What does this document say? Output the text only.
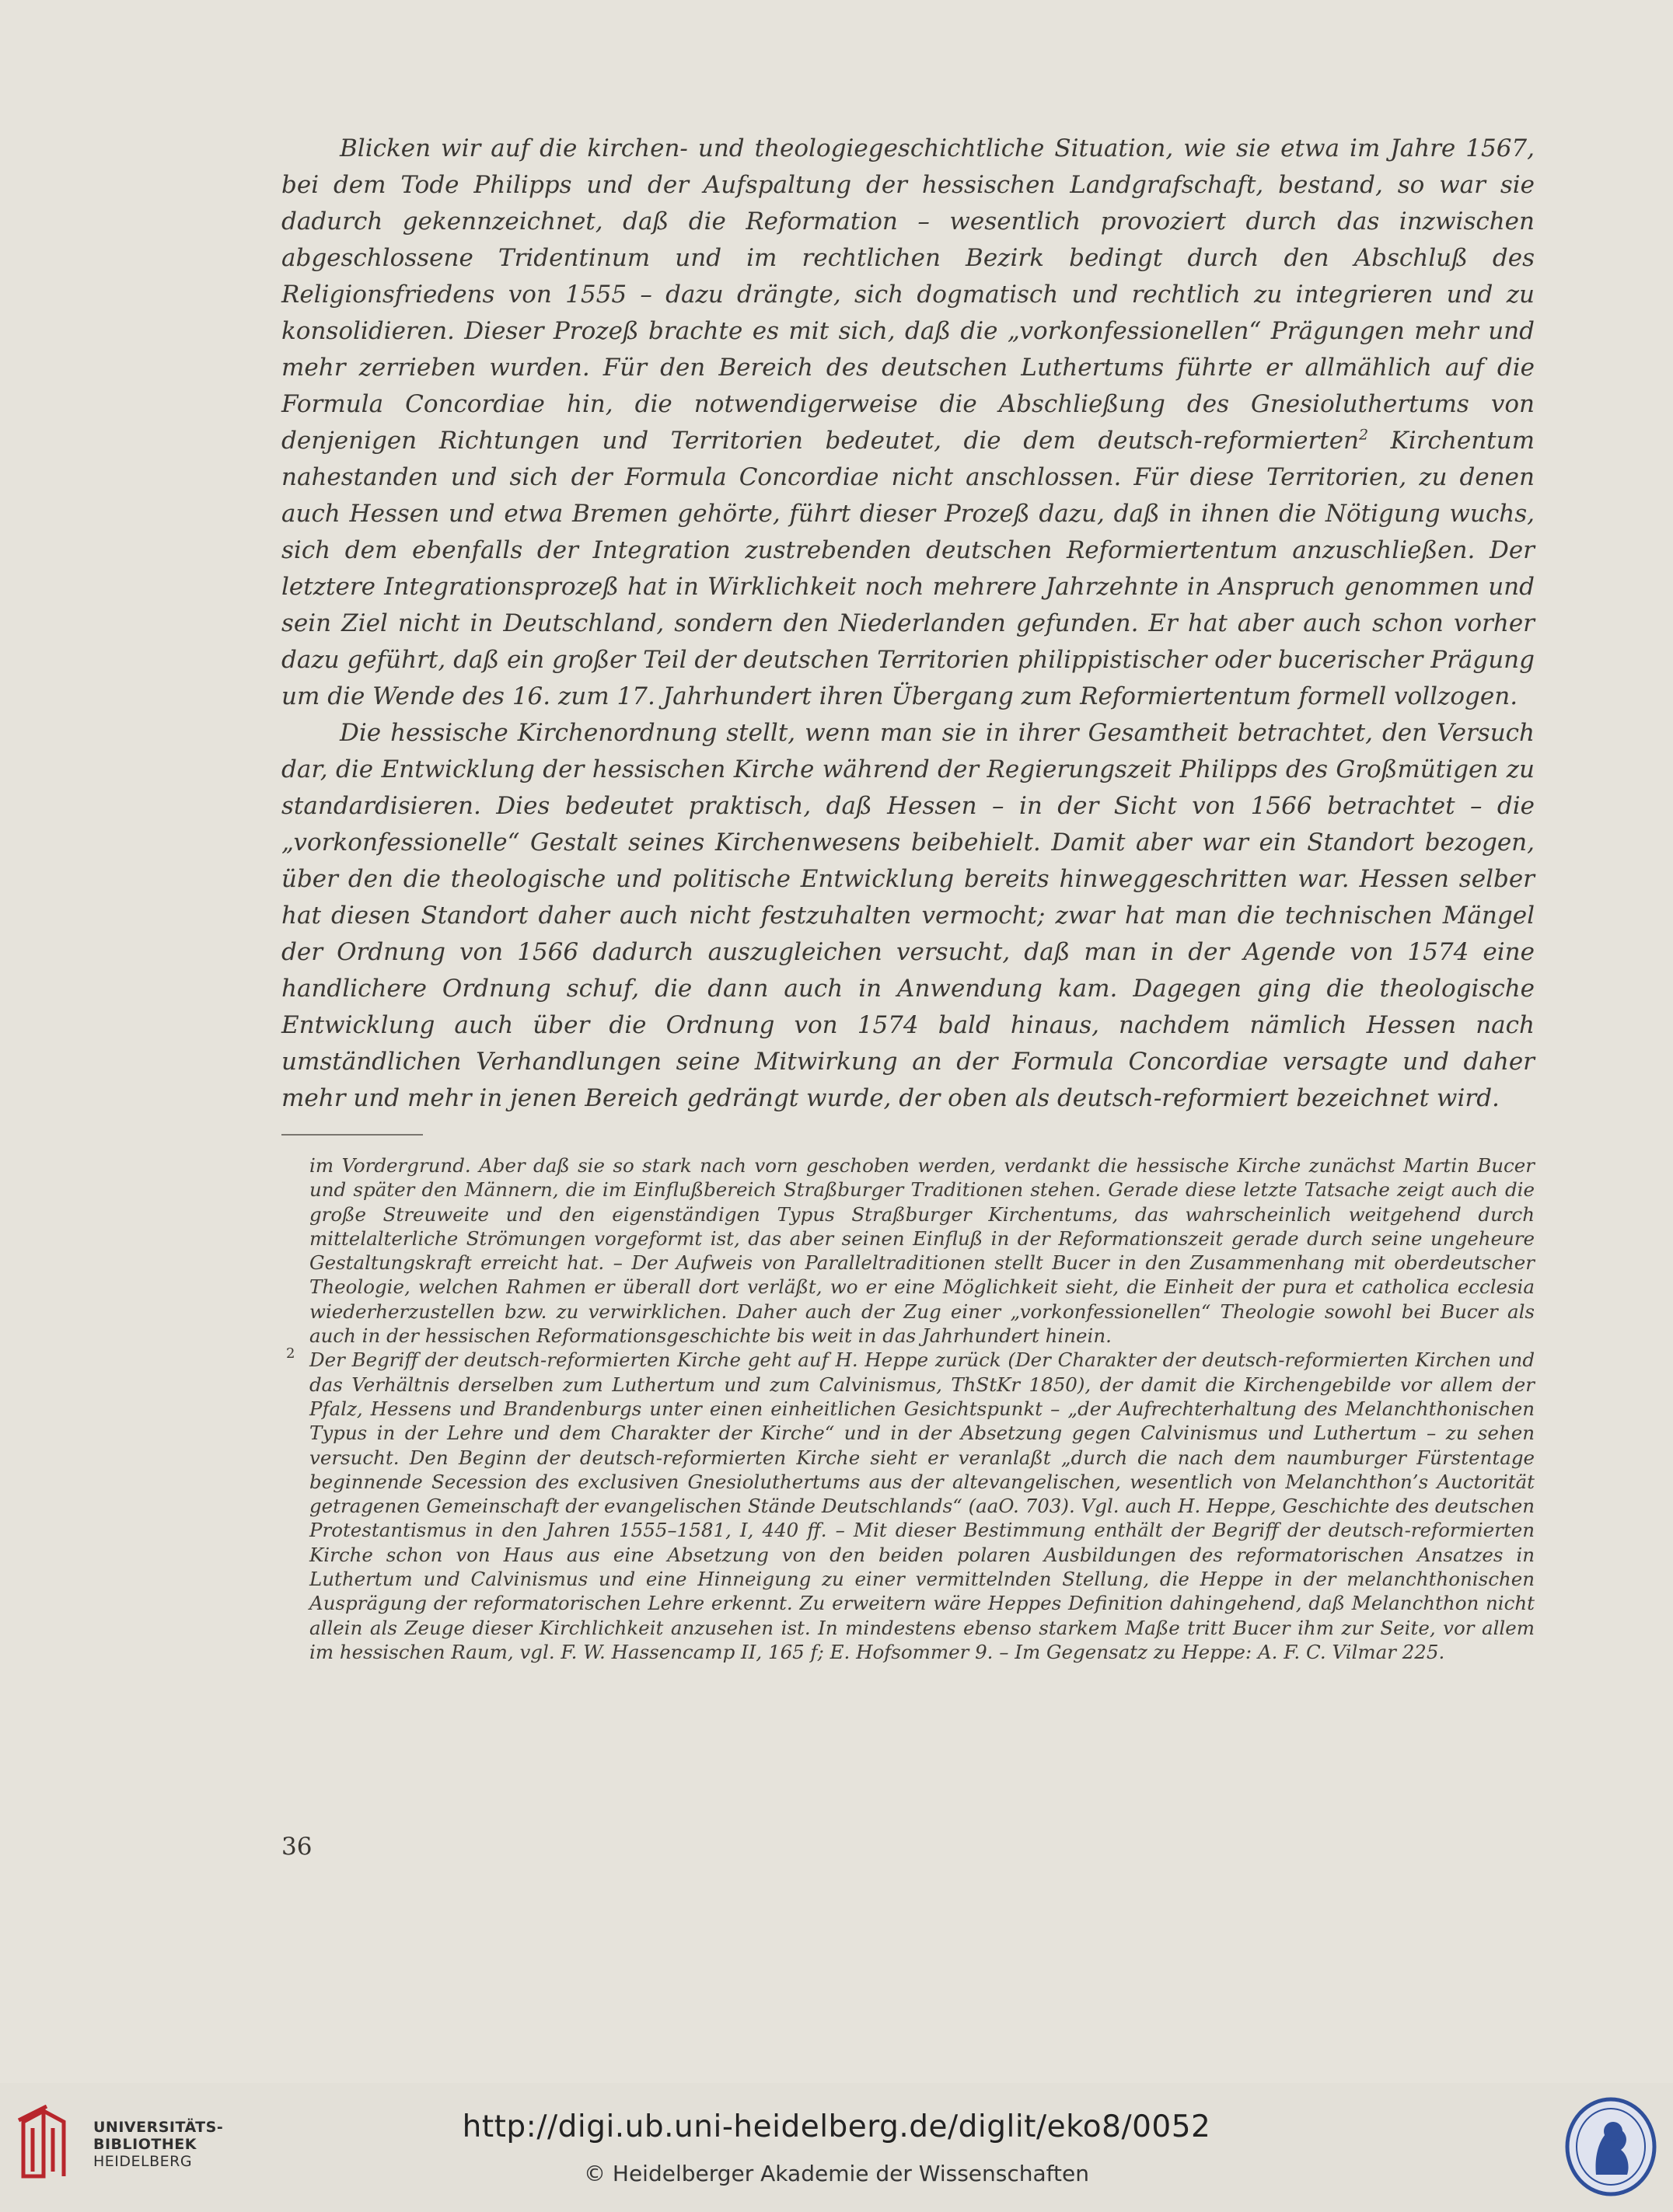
Blicken wir auf die kirchen- und theologiegeschichtliche Situation, wie sie etwa im Jahre 1567, bei dem Tode Philipps und der Aufspaltung der hessischen Landgrafschaft, bestand, so war sie dadurch gekennzeichnet, daß die Reformation – wesentlich provoziert durch das inzwischen abgeschlossene Tridentinum und im rechtlichen Bezirk bedingt durch den Abschluß des Religionsfriedens von 1555 – dazu drängte, sich dogmatisch und rechtlich zu integrieren und zu konsolidieren. Dieser Prozeß brachte es mit sich, daß die „vorkonfessionellen“ Prägungen mehr und mehr zerrieben wurden. Für den Bereich des deutschen Luthertums führte er allmählich auf die Formula Concordiae hin, die notwendigerweise die Abschließung des Gnesioluthertums von denjenigen Richtungen und Territorien bedeutet, die dem deutsch-reformierten$^2$ Kirchentum nahestanden und sich der Formula Concordiae nicht anschlossen. Für diese Territorien, zu denen auch Hessen und etwa Bremen gehörte, führt dieser Prozeß dazu, daß in ihnen die Nötigung wuchs, sich dem ebenfalls der Integration zustrebenden deutschen Reformiertentum anzuschließen. Der letztere Integrationsprozeß hat in Wirklichkeit noch mehrere Jahrzehnte in Anspruch genommen und sein Ziel nicht in Deutschland, sondern den Niederlanden gefunden. Er hat aber auch schon vorher dazu geführt, daß ein großer Teil der deutschen Territorien philippistischer oder bucerischer Prägung um die Wende des 16. zum 17. Jahrhundert ihren Übergang zum Reformiertentum formell vollzogen.

Die hessische Kirchenordnung stellt, wenn man sie in ihrer Gesamtheit betrachtet, den Versuch dar, die Entwicklung der hessischen Kirche während der Regierungszeit Philipps des Großmütigen zu standardisieren. Dies bedeutet praktisch, daß Hessen – in der Sicht von 1566 betrachtet – die „vorkonfessionelle“ Gestalt seines Kirchenwesens beibehielt. Damit aber war ein Standort bezogen, über den die theologische und politische Entwicklung bereits hinweggeschritten war. Hessen selber hat diesen Standort daher auch nicht festzuhalten vermocht; zwar hat man die technischen Mängel der Ordnung von 1566 dadurch auszugleichen versucht, daß man in der Agende von 1574 eine handlichere Ordnung schuf, die dann auch in Anwendung kam. Dagegen ging die theologische Entwicklung auch über die Ordnung von 1574 bald hinaus, nachdem nämlich Hessen nach umständlichen Verhandlungen seine Mitwirkung an der Formula Concordiae versagte und daher mehr und mehr in jenen Bereich gedrängt wurde, der oben als deutsch-reformiert bezeichnet wird.

im Vordergrund. Aber daß sie so stark nach vorn geschoben werden, verdankt die hessische Kirche zunächst Martin Bucer und später den Männern, die im Einflußbereich Straßburger Traditionen stehen. Gerade diese letzte Tatsache zeigt auch die große Streuweite und den eigenständigen Typus Straßburger Kirchentums, das wahrscheinlich weitgehend durch mittelalterliche Strömungen vorgeformt ist, das aber seinen Einfluß in der Reformationszeit gerade durch seine ungeheure Gestaltungskraft erreicht hat. – Der Aufweis von Paralleltraditionen stellt Bucer in den Zusammenhang mit oberdeutscher Theologie, welchen Rahmen er überall dort verläßt, wo er eine Möglichkeit sieht, die Einheit der pura et catholica ecclesia wiederherzustellen bzw. zu verwirklichen. Daher auch der Zug einer „vorkonfessionellen“ Theologie sowohl bei Bucer als auch in der hessischen Reformationsgeschichte bis weit in das Jahrhundert hinein.

2 Der Begriff der deutsch-reformierten Kirche geht auf H. Heppe zurück (Der Charakter der deutsch-reformierten Kirchen und das Verhältnis derselben zum Luthertum und zum Calvinismus, ThStKr 1850), der damit die Kirchengebilde vor allem der Pfalz, Hessens und Brandenburgs unter einen einheitlichen Gesichtspunkt – „der Aufrechterhaltung des Melanchthonischen Typus in der Lehre und dem Charakter der Kirche“ und in der Absetzung gegen Calvinismus und Luthertum – zu sehen versucht. Den Beginn der deutsch-reformierten Kirche sieht er veranlaßt „durch die nach dem naumburger Fürstentage beginnende Secession des exclusiven Gnesioluthertums aus der altevangelischen, wesentlich von Melanchthon’s Auctorität getragenen Gemeinschaft der evangelischen Stände Deutschlands“ (aaO. 703). Vgl. auch H. Heppe, Geschichte des deutschen Protestantismus in den Jahren 1555–1581, I, 440 ff. – Mit dieser Bestimmung enthält der Begriff der deutsch-reformierten Kirche schon von Haus aus eine Absetzung von den beiden polaren Ausbildungen des reformatorischen Ansatzes in Luthertum und Calvinismus und eine Hinneigung zu einer vermittelnden Stellung, die Heppe in der melanchthonischen Ausprägung der reformatorischen Lehre erkennt. Zu erweitern wäre Heppes Definition dahingehend, daß Melanchthon nicht allein als Zeuge dieser Kirchlichkeit anzusehen ist. In mindestens ebenso starkem Maße tritt Bucer ihm zur Seite, vor allem im hessischen Raum, vgl. F. W. Hassencamp II, 165 f; E. Hofsommer 9. – Im Gegensatz zu Heppe: A. F. C. Vilmar 225.

36
UNIVERSITÄTS-
BIBLIOTHEK
HEIDELBERG
http://digi.ub.uni-heidelberg.de/diglit/eko8/0052
© Heidelberger Akademie der Wissenschaften
